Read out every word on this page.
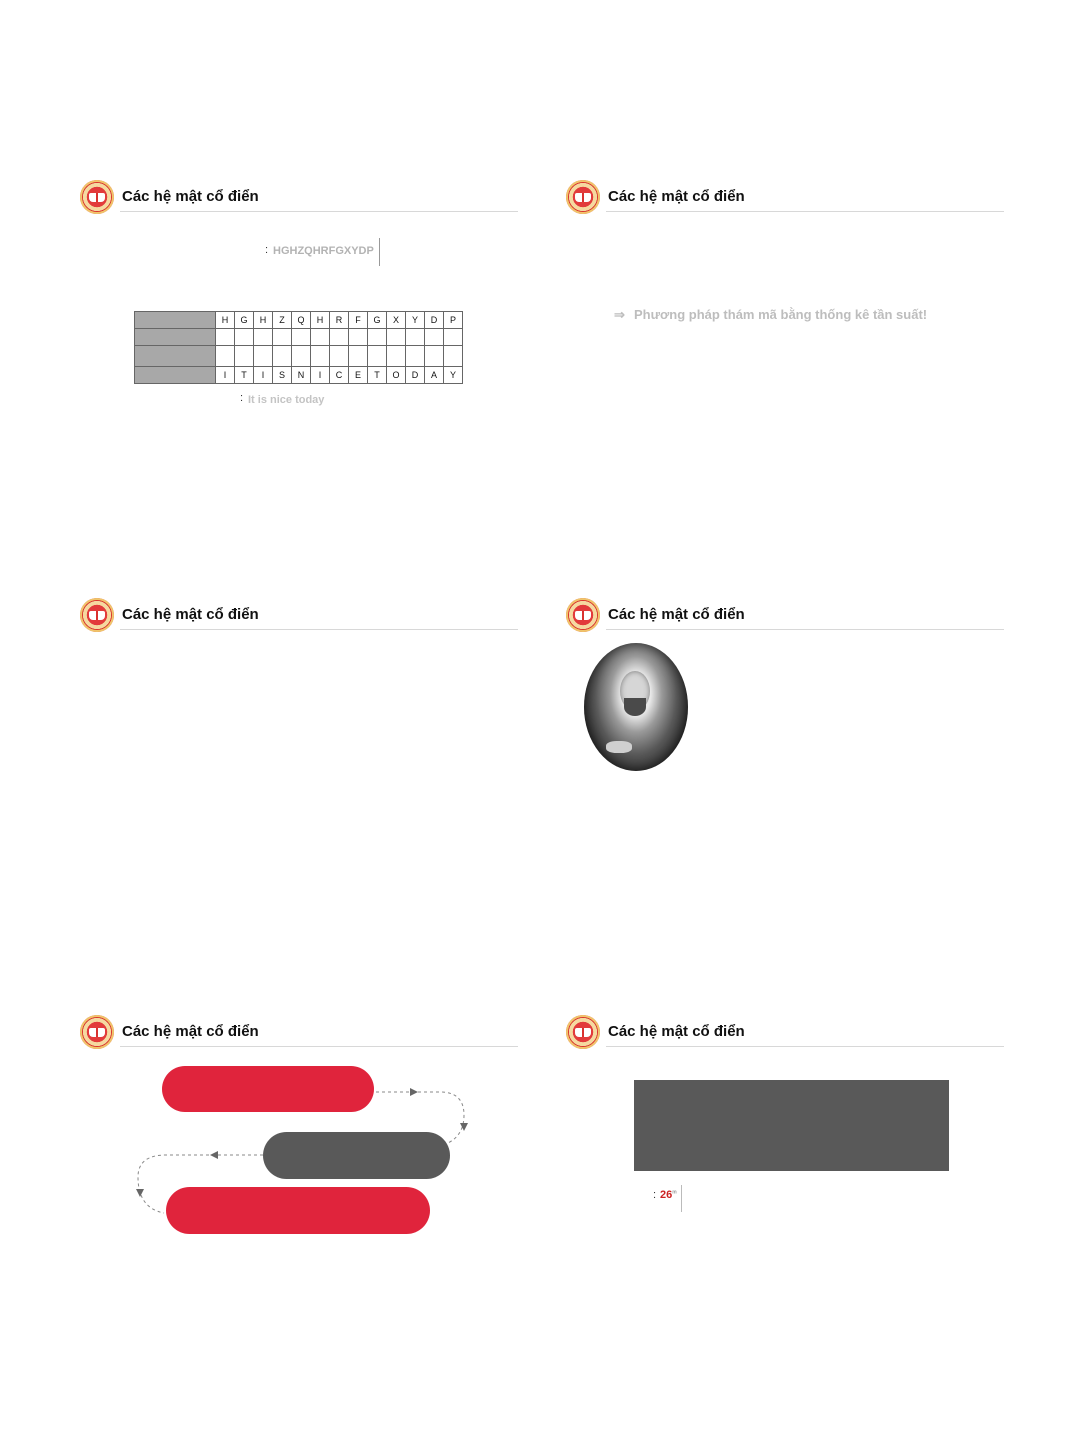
Các hệ mật cổ điển
: HGHZQHRFGXYDP
	H	G	H	Z	Q	H	R	F	G	X	Y	D	P

	I	T	I	S	N	I	C	E	T	O	D	A	Y
: It is nice today
Các hệ mật cổ điển
⇒ Phương pháp thám mã bằng thống kê tần suất!
Các hệ mật cổ điển	Các hệ mật cổ điển
Các hệ mật cổ điển	Các hệ mật cổ điển
: 26$^m$
